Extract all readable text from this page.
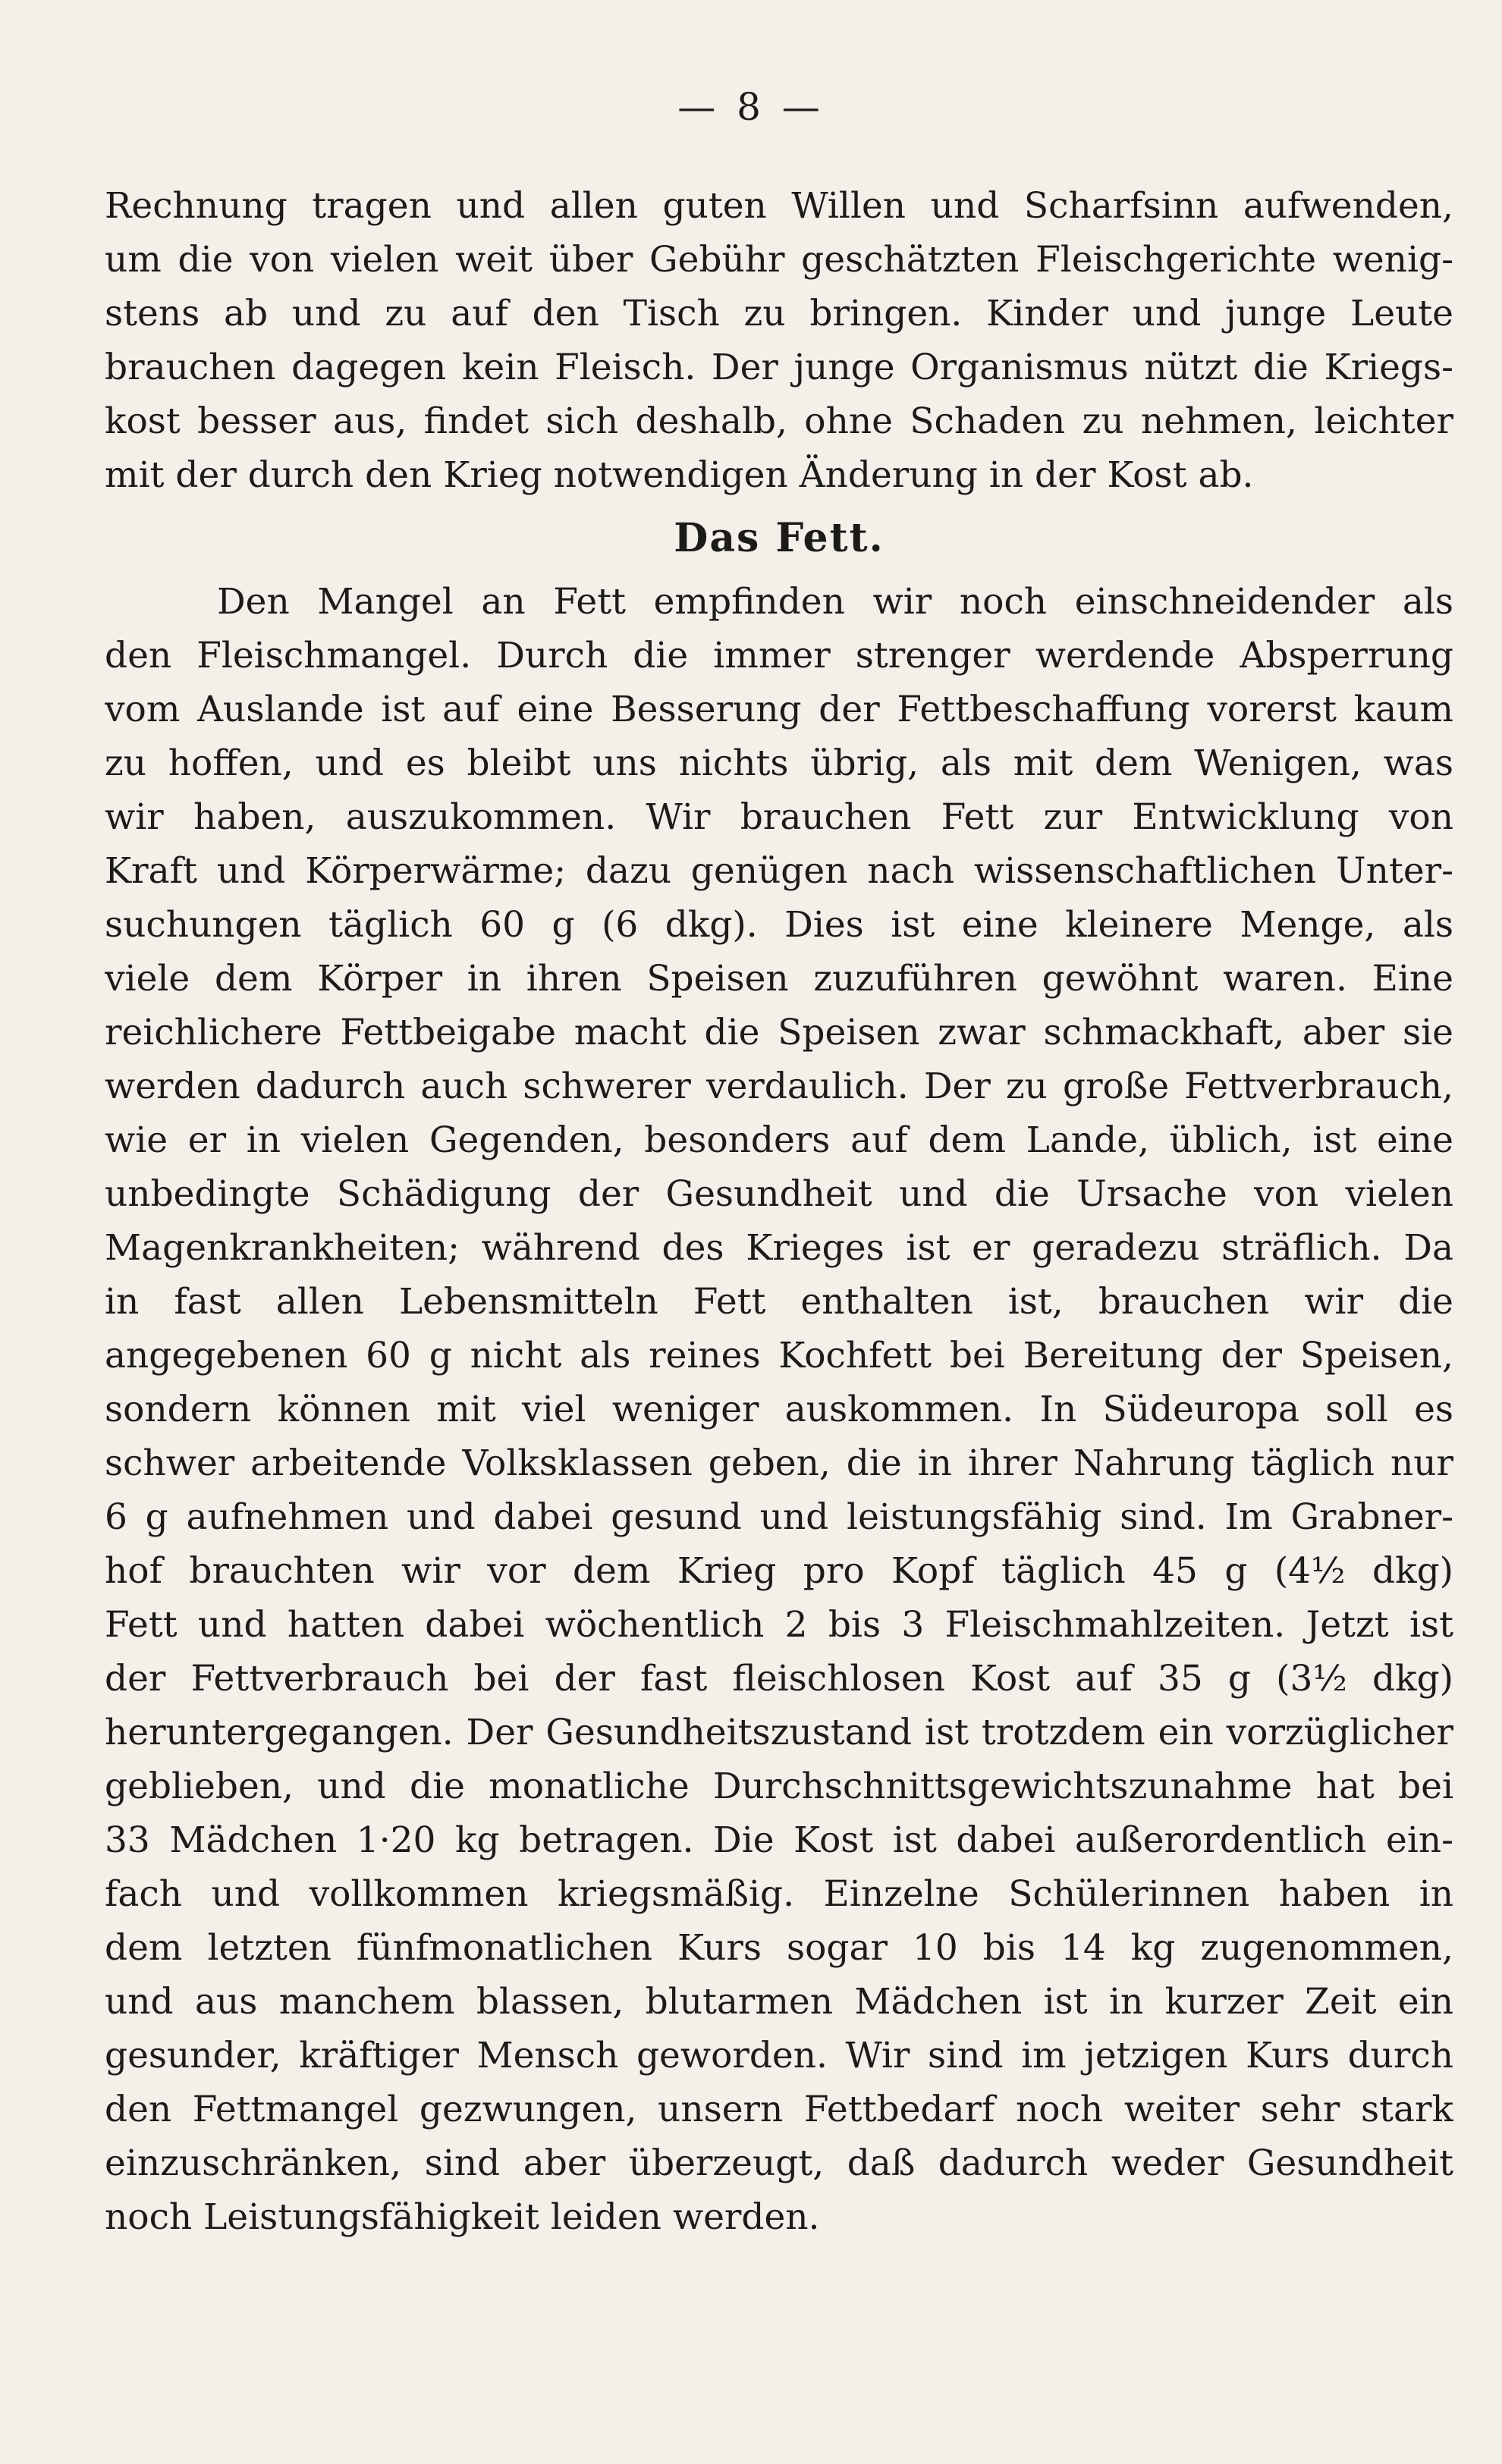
— 8 —
Rechnung tragen und allen guten Willen und Scharfsinn aufwenden,
um die von vielen weit über Gebühr geschätzten Fleischgerichte wenig-
stens ab und zu auf den Tisch zu bringen. Kinder und junge Leute
brauchen dagegen kein Fleisch. Der junge Organismus nützt die Kriegs-
kost besser aus, findet sich deshalb, ohne Schaden zu nehmen, leichter
mit der durch den Krieg notwendigen Änderung in der Kost ab.
Das Fett.
Den Mangel an Fett empfinden wir noch einschneidender als
den Fleischmangel. Durch die immer strenger werdende Absperrung
vom Auslande ist auf eine Besserung der Fettbeschaffung vorerst kaum
zu hoffen, und es bleibt uns nichts übrig, als mit dem Wenigen, was
wir haben, auszukommen. Wir brauchen Fett zur Entwicklung von
Kraft und Körperwärme; dazu genügen nach wissenschaftlichen Unter-
suchungen täglich 60 g (6 dkg). Dies ist eine kleinere Menge, als
viele dem Körper in ihren Speisen zuzuführen gewöhnt waren. Eine
reichlichere Fettbeigabe macht die Speisen zwar schmackhaft, aber sie
werden dadurch auch schwerer verdaulich. Der zu große Fettverbrauch,
wie er in vielen Gegenden, besonders auf dem Lande, üblich, ist eine
unbedingte Schädigung der Gesundheit und die Ursache von vielen
Magenkrankheiten; während des Krieges ist er geradezu sträflich. Da
in fast allen Lebensmitteln Fett enthalten ist, brauchen wir die
angegebenen 60 g nicht als reines Kochfett bei Bereitung der Speisen,
sondern können mit viel weniger auskommen. In Südeuropa soll es
schwer arbeitende Volksklassen geben, die in ihrer Nahrung täglich nur
6 g aufnehmen und dabei gesund und leistungsfähig sind. Im Grabner-
hof brauchten wir vor dem Krieg pro Kopf täglich 45 g (4½ dkg)
Fett und hatten dabei wöchentlich 2 bis 3 Fleischmahlzeiten. Jetzt ist
der Fettverbrauch bei der fast fleischlosen Kost auf 35 g (3½ dkg)
heruntergegangen. Der Gesundheitszustand ist trotzdem ein vorzüglicher
geblieben, und die monatliche Durchschnittsgewichtszunahme hat bei
33 Mädchen 1·20 kg betragen. Die Kost ist dabei außerordentlich ein-
fach und vollkommen kriegsmäßig. Einzelne Schülerinnen haben in
dem letzten fünfmonatlichen Kurs sogar 10 bis 14 kg zugenommen,
und aus manchem blassen, blutarmen Mädchen ist in kurzer Zeit ein
gesunder, kräftiger Mensch geworden. Wir sind im jetzigen Kurs durch
den Fettmangel gezwungen, unsern Fettbedarf noch weiter sehr stark
einzuschränken, sind aber überzeugt, daß dadurch weder Gesundheit
noch Leistungsfähigkeit leiden werden.
